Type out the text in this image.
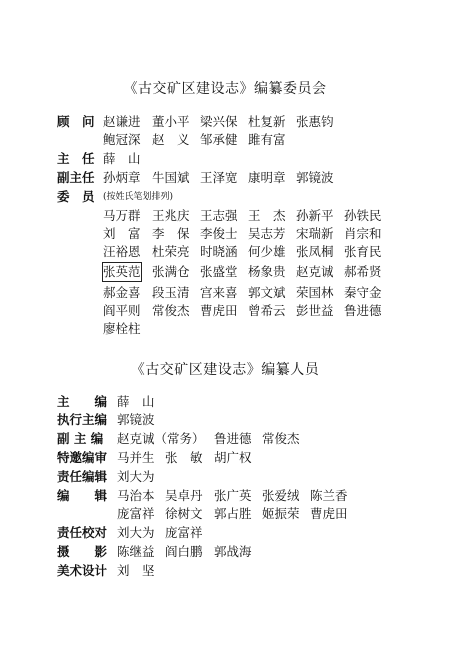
《古交矿区建设志》编纂委员会
顾　问 赵谦进 董小平 梁兴保 杜复新 张惠钧
鲍冠深 赵　义 邹承健 雎有富
主　任 薛　山
副主任 孙炳章 牛国斌 王泽宽 康明章 郭镜波
委　员 (按姓氏笔划排列)
马万群 王兆庆 王志强 王　杰 孙新平 孙铁民
刘　富 李　保 李俊士 吴志芳 宋瑞新 肖宗和
汪裕恩 杜荣亮 时晓涵 何少雄 张凤桐 张育民
张英范 张满仓 张盛堂 杨象贵 赵克诚 郝希贤
郝金喜 段玉清 宫来喜 郭文斌 荣国林 秦守金
阎平则 常俊杰 曹虎田 曾希云 彭世益 鲁进德
廖栓柱
《古交矿区建设志》编纂人员
主　　编 薛　山
执行主编 郭镜波
副 主 编 赵克诚（常务） 鲁进德 常俊杰
特邀编审 马并生 张　敏 胡广权
责任编辑 刘大为
编　　辑 马治本 吴卓丹 张广英 张爱绒 陈兰香
庞富祥 徐树文 郭占胜 姬振荣 曹虎田
责任校对 刘大为 庞富祥
摄　　影 陈继益 阎白鹏 郭战海
美术设计 刘　坚
